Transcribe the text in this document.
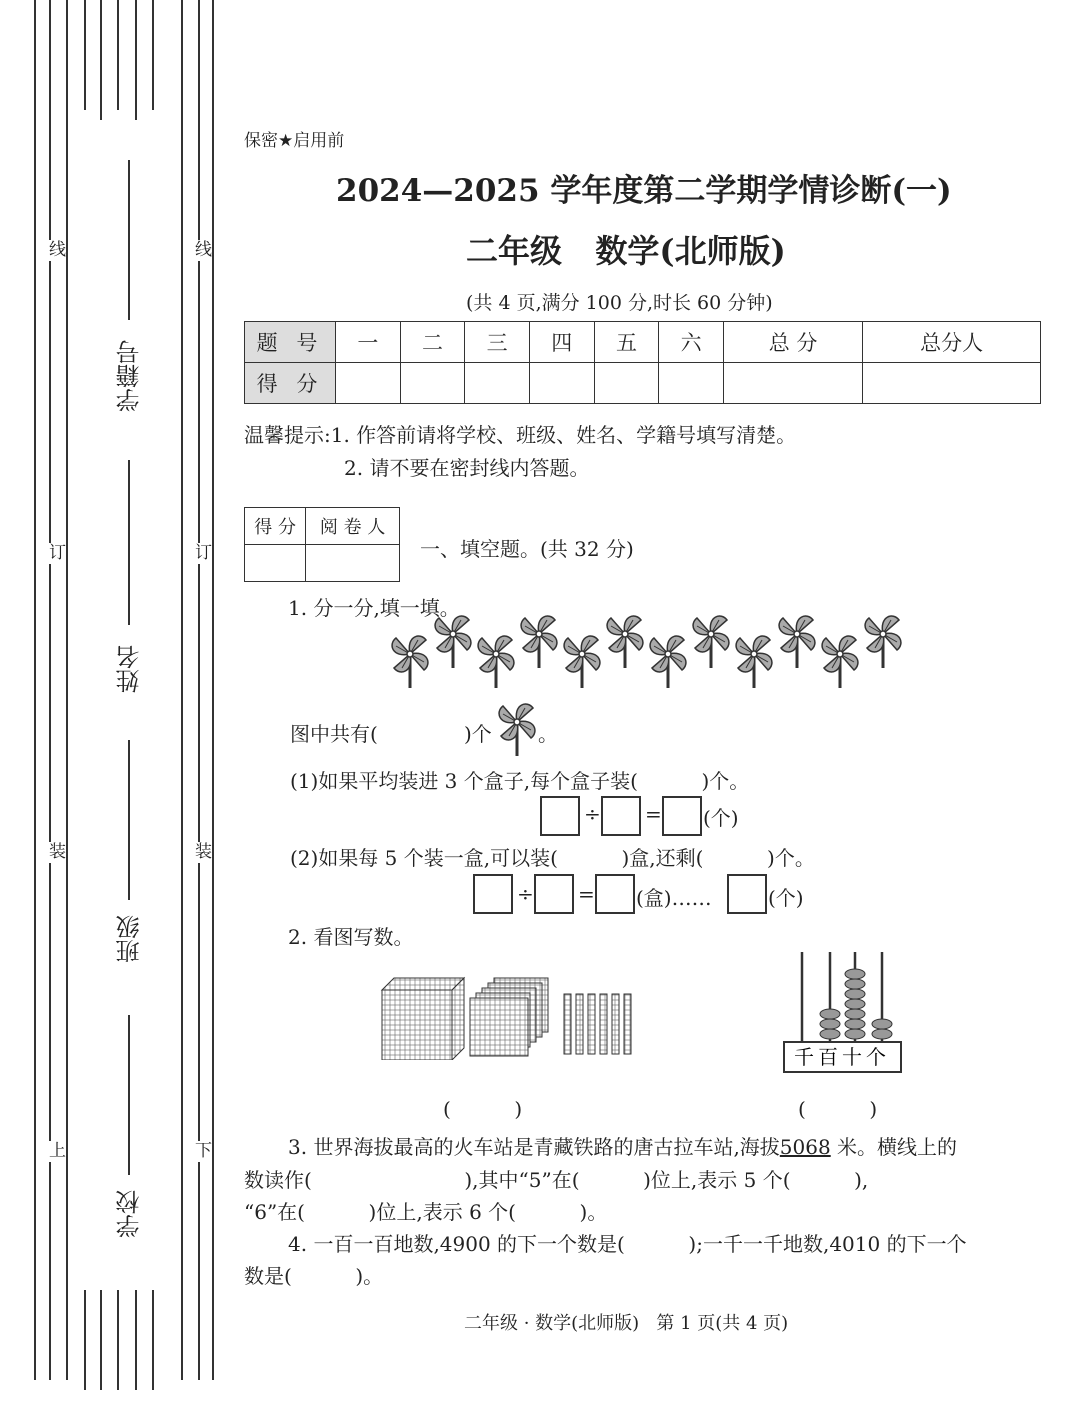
线
订
装
上
线
订
装
下
学籍号
姓名
班级
学校
保密★启用前
2024—2025 学年度第二学期学情诊断(一)
二年级   数学(北师版)
(共 4 页,满分 100 分,时长 60 分钟)
题 号	一	二	三	四	五	六	总 分	总分人
得 分								
温馨提示:1. 作答前请将学校、班级、姓名、学籍号填写清楚。
2. 请不要在密封线内答题。
得 分	阅 卷 人

一、填空题。(共 32 分)
1. 分一分,填一填。
图中共有(	)个 。
(1)如果平均装进 3 个盒子,每个盒子装(          )个。
÷ = (个)
(2)如果每 5 个装一盒,可以装(          )盒,还剩(          )个。
÷ = (盒)……	(个)
2. 看图写数。
千百十个
(          )	(          )
3. 世界海拔最高的火车站是青藏铁路的唐古拉车站,海拔5068 米。横线上的
数读作(                        ),其中“5”在(          )位上,表示 5 个(          ),
“6”在(          )位上,表示 6 个(          )。
4. 一百一百地数,4900 的下一个数是(          );一千一千地数,4010 的下一个
数是(          )。
二年级 · 数学(北师版)   第 1 页(共 4 页)
